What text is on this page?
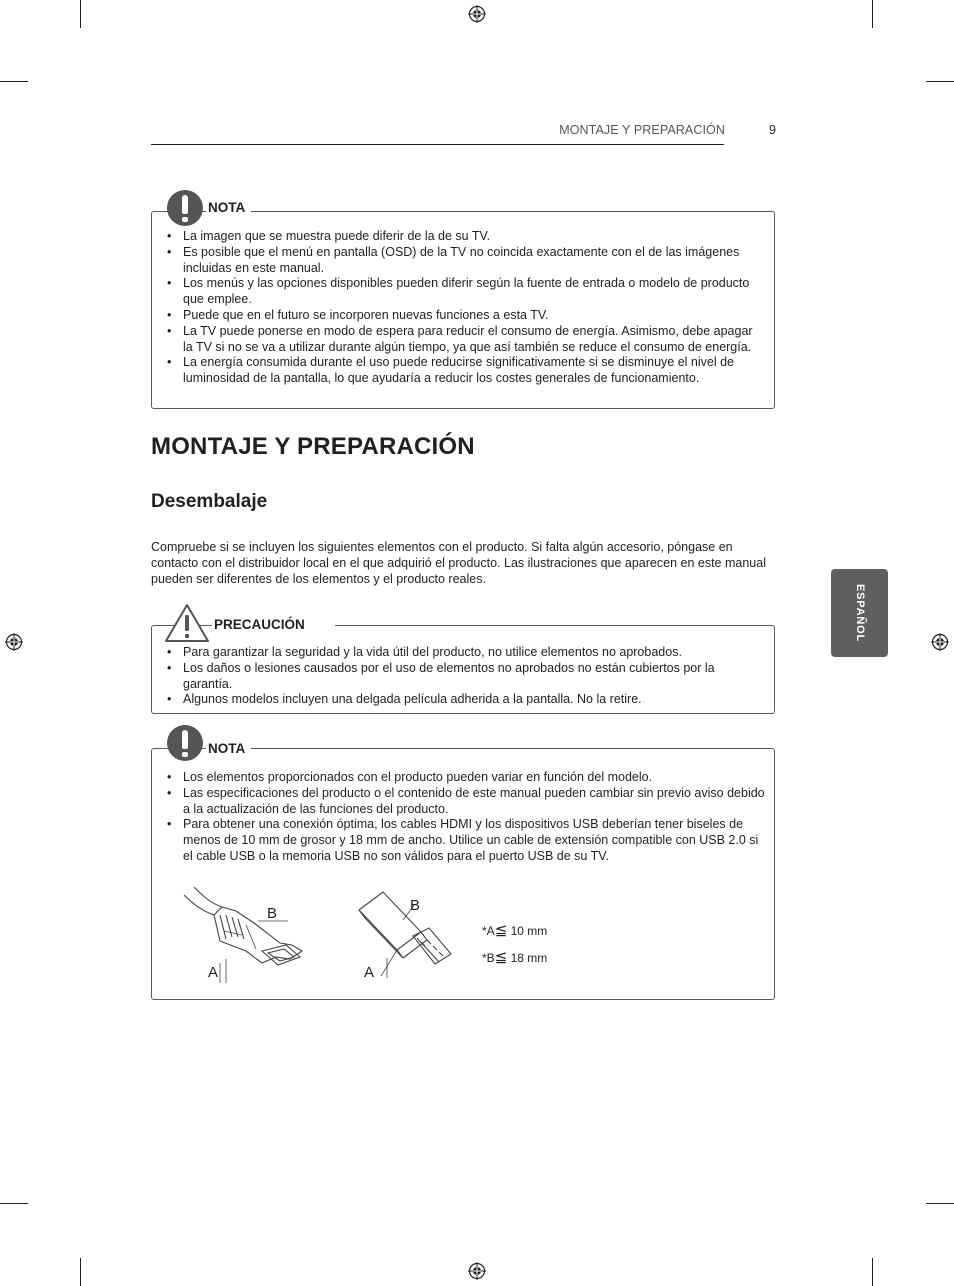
MONTAJE Y PREPARACIÓN	9
NOTA
• La imagen que se muestra puede diferir de la de su TV.
• Es posible que el menú en pantalla (OSD) de la TV no coincida exactamente con el de las imágenes incluidas en este manual.
• Los menús y las opciones disponibles pueden diferir según la fuente de entrada o modelo de producto que emplee.
• Puede que en el futuro se incorporen nuevas funciones a esta TV.
• La TV puede ponerse en modo de espera para reducir el consumo de energía. Asimismo, debe apagar la TV si no se va a utilizar durante algún tiempo, ya que así también se reduce el consumo de energía.
• La energía consumida durante el uso puede reducirse significativamente si se disminuye el nivel de luminosidad de la pantalla, lo que ayudaría a reducir los costes generales de funcionamiento.
MONTAJE Y PREPARACIÓN
Desembalaje

Compruebe si se incluyen los siguientes elementos con el producto. Si falta algún accesorio, póngase en contacto con el distribuidor local en el que adquirió el producto. Las ilustraciones que aparecen en este manual pueden ser diferentes de los elementos y el producto reales.

PRECAUCIÓN
• Para garantizar la seguridad y la vida útil del producto, no utilice elementos no aprobados.
• Los daños o lesiones causados por el uso de elementos no aprobados no están cubiertos por la garantía.
• Algunos modelos incluyen una delgada película adherida a la pantalla. No la retire.
NOTA
• Los elementos proporcionados con el producto pueden variar en función del modelo.
• Las especificaciones del producto o el contenido de este manual pueden cambiar sin previo aviso debido a la actualización de las funciones del producto.
• Para obtener una conexión óptima, los cables HDMI y los dispositivos USB deberían tener biseles de menos de 10 mm de grosor y 18 mm de ancho. Utilice un cable de extensión compatible con USB 2.0 si el cable USB o la memoria USB no son válidos para el puerto USB de su TV.
B
A
B
A
*A≦ 10 mm
*B≦ 18 mm
ESPAÑOL
